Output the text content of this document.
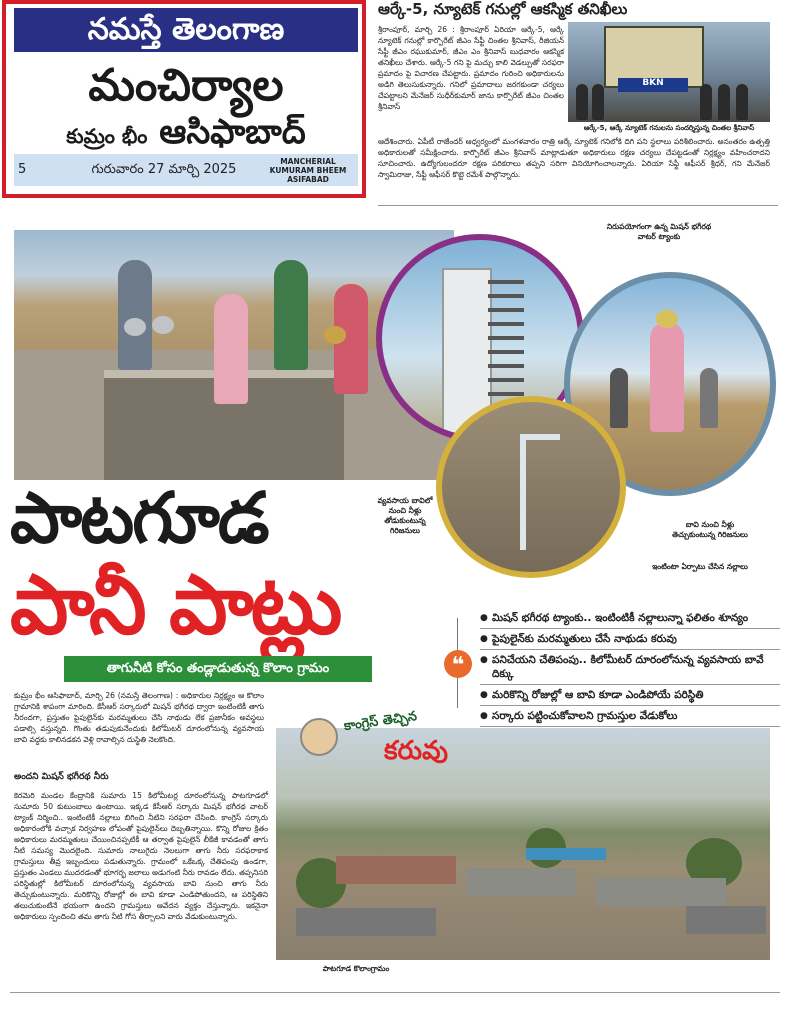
నమస్తే తెలంగాణ
మంచిర్యాల
కుమ్రం భీం ఆసిఫాబాద్
5	గురువారం 27 మార్చి 2025
MANCHERIAL
KUMURAM BHEEM
ASIFABAD
ఆర్కే-5, న్యూటెక్ గనుల్లో ఆకస్మిక తనిఖీలు
శ్రీరాంపూర్, మార్చి 26 : శ్రీరాంపూర్ ఏరియా ఆర్కే-5, ఆర్కే న్యూటెక్ గనుల్లో కార్పొరేట్ జీఎం సేఫ్టీ చింతల శ్రీనివాస్, రీజియన్ సేఫ్టీ జీఎం రఘుకుమార్, జీఎం ఎం శ్రీనివాస్ బుధవారం ఆకస్మిక తనిఖీలు చేశారు. ఆర్కే-5 గని పై మచ్చు కాలి వెడల్పుతో సరఫరా ప్రమాదం పై విచారణ చేపట్టారు. ప్రమాదం గురించి అధికారులను అడిగి తెలుసుకున్నారు. గనిలో ప్రమాదాలు జరగకుండా చర్యలు చేపట్టాలని మేనేజర్ సుధీర్‌కుమార్ జాను కార్పొరేట్ జీఎం చింతల శ్రీనివాస్
BKN
ఆర్కే-5, ఆర్కే న్యూటెక్ గనులను సందర్శిస్తున్న చింతల శ్రీనివాస్
ఆదేశించారు. ఏపీటీ రాజేందర్ ఆధ్వర్యంలో మంగళవారం రాత్రి ఆర్కే న్యూటెక్ గనిలోకి దిగి పని స్థలాలు పరిశీలించారు. అనంతరం ఉత్పత్తి అధికారులతో సమీక్షించారు. కార్పొరేట్ జీఎం శ్రీనివాస్ మాట్లాడుతూ అధికారులు రక్షణ చర్యలు చేపట్టడంతో నిర్లక్ష్యం వహించరాదని సూచించారు. ఉద్యోగులందరూ రక్షణ పరికరాలు తప్పని సరిగా వినియోగించాలన్నారు. ఏరియా సేఫ్టీ ఆఫీసర్ శ్రీధర్, గని మేనేజర్ స్వామిరాజు, సేఫ్టీ ఆఫీసర్ కొట్టె రమేశ్ పాల్గొన్నారు.
నిరుపయోగంగా ఉన్న మిషన్ భగీరథ
వాటర్ ట్యాంకు
వ్యవసాయ బావిలో
నుంచి నీళ్లు
తోడుకుంటున్న
గిరిజనులు
బావి నుంచి నీళ్లు
తెచ్చుకుంటున్న గిరిజనులు
ఇంటింటా ఏర్పాటు చేసిన నల్లాలు
పాటగూడ
పానీ పాట్లు
తాగునీటి కోసం తండ్లాడుతున్న కొలాం గ్రామం	❝
● మిషన్ భగీరథ ట్యాంకు.. ఇంటింటికీ నల్లాలున్నా ఫలితం శూన్యం
● పైపులైన్‌కు మరమ్మతులు చేసే నాథుడు కరువు
● పనిచేయని చేతిపంపు.. కిలోమీటర్ దూరంలోనున్న వ్యవసాయ బావే దిక్కు
● మరికొన్ని రోజుల్లో ఆ బావి కూడా ఎండిపోయే పరిస్థితి
● సర్కారు పట్టించుకోవాలని గ్రామస్తుల వేడుకోలు
కుమ్రం భీం ఆసిఫాబాద్, మార్చి 26 (నమస్తే తెలంగాణ) : అధికారుల నిర్లక్ష్యం ఆ కొలాం గ్రామానికి శాపంగా మారింది. కేసీఆర్ సర్కారులో మిషన్ భగీరథ ద్వారా ఇంటింటికీ తాగు నీరందగా, ప్రస్తుతం పైపులైన్‌కు మరమ్మతులు చేసే నాథుడు లేక ప్రజానీకం అవస్థలు పడాల్సి వస్తున్నది. గొంతు తడుపుకునేందుకు కిలోమీటర్ దూరంలోనున్న వ్యవసాయ బావి వద్దకు కాలినడకన వెళ్లి రావాల్సిన దుస్థితి నెలకొంది.
అందని మిషన్ భగీరథ నీరు
కెరమెరి మండల కేంద్రానికి సుమారు 15 కిలోమీటర్ల దూరంలోనున్న పాటగూడలో సుమారు 50 కుటుంబాలు ఉంటాయి. ఇక్కడ కేసీఆర్ సర్కారు మిషన్ భగీరథ వాటర్ ట్యాంక్ నిర్మించి.. ఇంటింటికీ నల్లాలు బిగించి నీటిని సరఫరా చేసింది. కాంగ్రెస్ సర్కారు అధికారంలోకి వచ్చాక నిర్వహణ లోపంతో పైపులైన్‌లు దెబ్బతిన్నాయి. కొన్ని రోజుల క్రితం అధికారులు మరమ్మతులు చేయించినప్పటికీ ఆ తర్వాత పైపులైన్ లీకేజీ కావడంతో తాగు నీటి సమస్య మొదలైంది. సుమారు నాలుగైదు నెలలుగా తాగు నీరు సరఫరాకాక గ్రామస్తులు తీవ్ర ఇబ్బందులు పడుతున్నారు. గ్రామంలో ఒకేఒక్క చేతిపంపు ఉండగా, ప్రస్తుతం ఎండలు ముదరడంతో భూగర్భ జలాలు అడుగంటి నీరు రావడం లేదు. తప్పనిసరి పరిస్థితుల్లో కిలోమీటర్ దూరంలోనున్న వ్యవసాయ బావి నుంచి తాగు నీరు తెచ్చుకుంటున్నారు. మరికొన్ని రోజుల్లో ఈ బావి కూడా ఎండిపోతుందని, ఆ పరిస్థితిని తలుచుకుంటేనే భయంగా ఉందని గ్రామస్తులు ఆవేదన వ్యక్తం చేస్తున్నారు. ఇకనైనా అధికారులు స్పందించి తమ తాగు నీటి గోస తీర్చాలని వారు వేడుకుంటున్నారు.
కాంగ్రెస్ తెచ్చిన
కరువు
పాటగూడ కొలాంగ్రామం
